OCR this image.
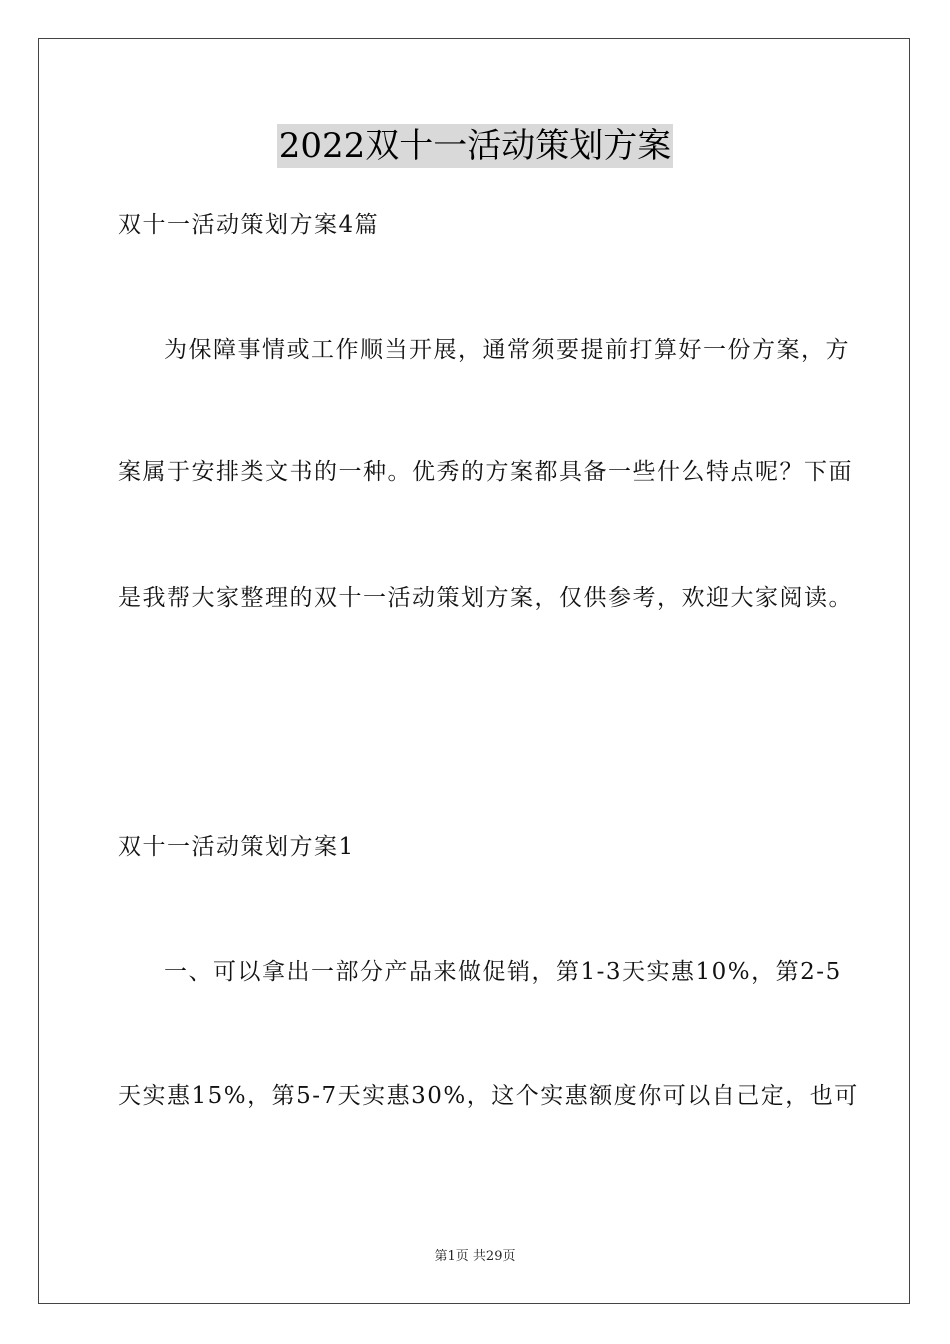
2022双十一活动策划方案
双十一活动策划方案4篇
为保障事情或工作顺当开展，通常须要提前打算好一份方案，方
案属于安排类文书的一种。优秀的方案都具备一些什么特点呢？下面
是我帮大家整理的双十一活动策划方案，仅供参考，欢迎大家阅读。
双十一活动策划方案1
一、可以拿出一部分产品来做促销，第1-3天实惠10%，第2-5
天实惠15%，第5-7天实惠30%，这个实惠额度你可以自己定，也可
第1页 共29页
